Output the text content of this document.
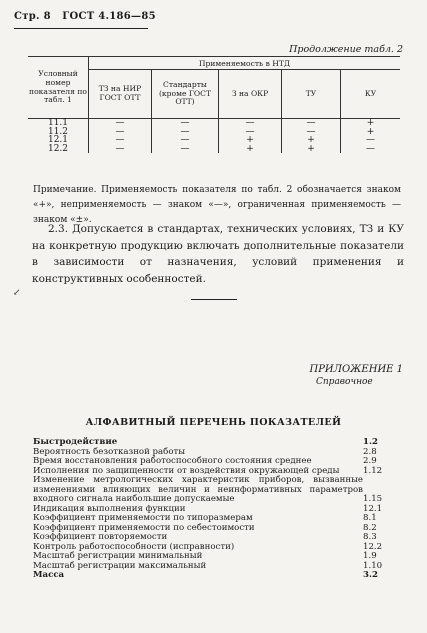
Стр. 8 ГОСТ 4.186—85
Продолжение табл. 2
Условный номер показателя по табл. 1	Применяемость в НТД				
	ТЗ на НИР ГОСТ ОТТ	Стандарты (кроме ГОСТ ОТТ)	З на ОКР	ТУ	КУ
11.1	—	—	—	—	+
11.2	—	—	—	—	+
12.1	—	—	+	+	—
12.2	—	—	+	+	—
Примечание. Применяемость показателя по табл. 2 обозначается знаком «+», неприменяемость — знаком «—», ограниченная применяемость — знаком «±».
2.3. Допускается в стандартах, технических условиях, ТЗ и КУ на конкретную продукцию включать дополнительные показатели в зависимости от назначения, условий применения и конструктивных особенностей.
↙
ПРИЛОЖЕНИЕ 1
Справочное
АЛФАВИТНЫЙ ПЕРЕЧЕНЬ ПОКАЗАТЕЛЕЙ
Быстродействие	1.2
Вероятность безотказной работы	2.8
Время восстановления работоспособного состояния среднее	2.9
Исполнения по защищенности от воздействия окружающей среды	1.12
Изменение метрологических характеристик приборов, вызванные изменениями влияющих величин и неинформативных параметров входного сигнала наибольшие допускаемые	1.15
Индикация выполнения функции	12.1
Коэффициент применяемости по типоразмерам	8.1
Коэффициент применяемости по себестоимости	8.2
Коэффициент повторяемости	8.3
Контроль работоспособности (исправности)	12.2
Масштаб регистрации минимальный	1.9
Масштаб регистрации максимальный	1.10
Масса	3.2
